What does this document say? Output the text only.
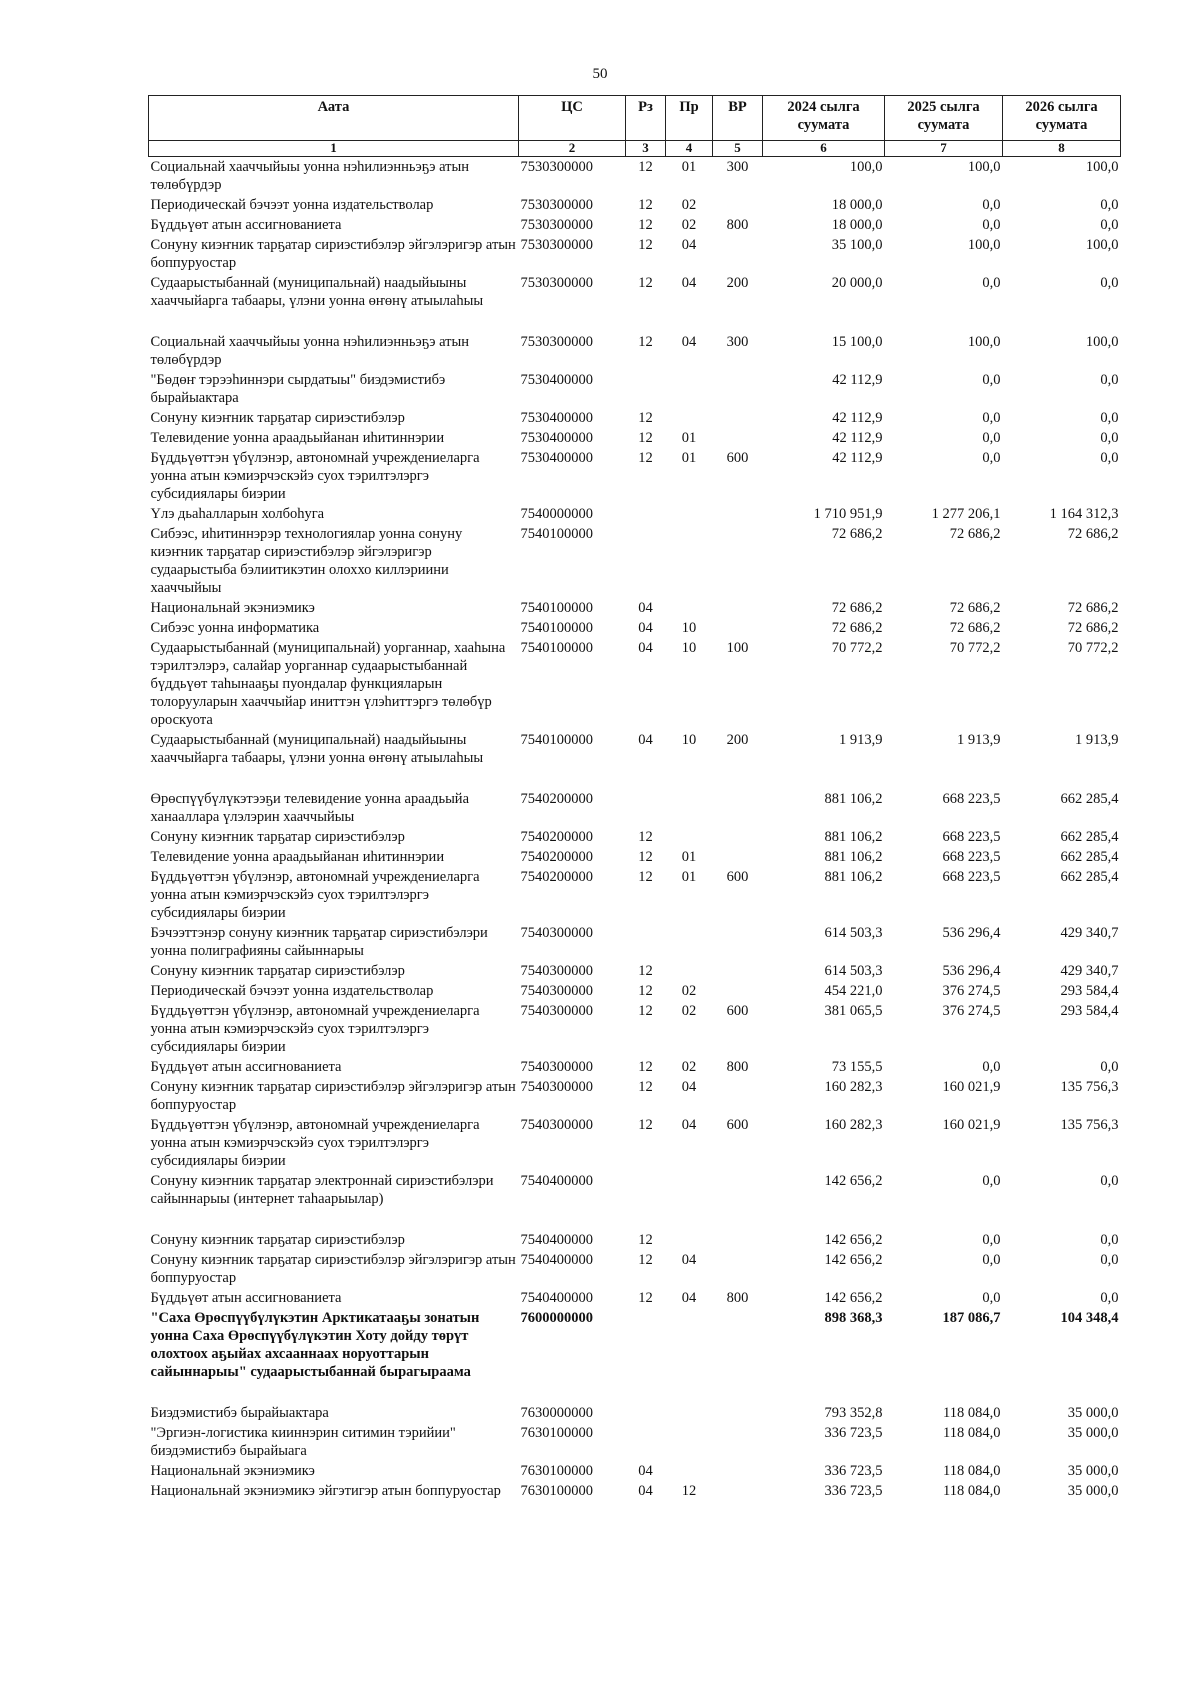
50
Аата	ЦС	Рз	Пр	ВР	2024 сылга суумата	2025 сылга суумата	2026 сылга суумата
1	2	3	4	5	6	7	8
Социальнай хааччыйыы уонна нэһилиэнньэҕэ атын төлөбүрдэр	7530300000	12	01	300	100,0	100,0	100,0
Периодическай бэчээт уонна издательстволар	7530300000	12	02		18 000,0	0,0	0,0
Бүддьүөт атын ассигнованиета	7530300000	12	02	800	18 000,0	0,0	0,0
Сонуну киэҥник тарҕатар сириэстибэлэр эйгэлэригэр атын боппуруостар	7530300000	12	04		35 100,0	100,0	100,0
Судаарыстыбаннай (муниципальнай) наадыйыыны хааччыйарга табаары, үлэни уонна өҥөнү атыылаһыы	7530300000	12	04	200	20 000,0	0,0	0,0
Социальнай хааччыйыы уонна нэһилиэнньэҕэ атын төлөбүрдэр	7530300000	12	04	300	15 100,0	100,0	100,0
"Бөдөҥ тэрээһиннэри сырдатыы" биэдэмистибэ бырайыактара	7530400000				42 112,9	0,0	0,0
Сонуну киэҥник тарҕатар сириэстибэлэр	7530400000	12			42 112,9	0,0	0,0
Телевидение уонна араадьыйанан иһитиннэрии	7530400000	12	01		42 112,9	0,0	0,0
Бүддьүөттэн үбүлэнэр, автономнай учреждениеларга уонна атын кэмиэрчэскэйэ суох тэрилтэлэргэ субсидиялары биэрии	7530400000	12	01	600	42 112,9	0,0	0,0
Үлэ дьаһалларын холбоһуга	7540000000				1 710 951,9	1 277 206,1	1 164 312,3
Сибээс, иһитиннэрэр технологиялар уонна сонуну киэҥник тарҕатар сириэстибэлэр эйгэлэригэр судаарыстыба бэлиитикэтин олоххо киллэриини хааччыйыы	7540100000				72 686,2	72 686,2	72 686,2
Национальнай экэниэмикэ	7540100000	04			72 686,2	72 686,2	72 686,2
Сибээс уонна информатика	7540100000	04	10		72 686,2	72 686,2	72 686,2
Судаарыстыбаннай (муниципальнай) уорганнар, хааһына тэрилтэлэрэ, салайар уорганнар судаарыстыбаннай бүддьүөт таһынааҕы пуондалар функцияларын толорууларын хааччыйар иниттэн үлэһиттэргэ төлөбүр ороскуота	7540100000	04	10	100	70 772,2	70 772,2	70 772,2
Судаарыстыбаннай (муниципальнай) наадыйыыны хааччыйарга табаары, үлэни уонна өҥөнү атыылаһыы	7540100000	04	10	200	1 913,9	1 913,9	1 913,9
Өрөспүүбүлүкэтээҕи телевидение уонна араадьыйа ханааллара үлэлэрин хааччыйыы	7540200000				881 106,2	668 223,5	662 285,4
Сонуну киэҥник тарҕатар сириэстибэлэр	7540200000	12			881 106,2	668 223,5	662 285,4
Телевидение уонна араадьыйанан иһитиннэрии	7540200000	12	01		881 106,2	668 223,5	662 285,4
Бүддьүөттэн үбүлэнэр, автономнай учреждениеларга уонна атын кэмиэрчэскэйэ суох тэрилтэлэргэ субсидиялары биэрии	7540200000	12	01	600	881 106,2	668 223,5	662 285,4
Бэчээттэнэр сонуну киэҥник тарҕатар сириэстибэлэри уонна полиграфияны сайыннарыы	7540300000				614 503,3	536 296,4	429 340,7
Сонуну киэҥник тарҕатар сириэстибэлэр	7540300000	12			614 503,3	536 296,4	429 340,7
Периодическай бэчээт уонна издательстволар	7540300000	12	02		454 221,0	376 274,5	293 584,4
Бүддьүөттэн үбүлэнэр, автономнай учреждениеларга уонна атын кэмиэрчэскэйэ суох тэрилтэлэргэ субсидиялары биэрии	7540300000	12	02	600	381 065,5	376 274,5	293 584,4
Бүддьүөт атын ассигнованиета	7540300000	12	02	800	73 155,5	0,0	0,0
Сонуну киэҥник тарҕатар сириэстибэлэр эйгэлэригэр атын боппуруостар	7540300000	12	04		160 282,3	160 021,9	135 756,3
Бүддьүөттэн үбүлэнэр, автономнай учреждениеларга уонна атын кэмиэрчэскэйэ суох тэрилтэлэргэ субсидиялары биэрии	7540300000	12	04	600	160 282,3	160 021,9	135 756,3
Сонуну киэҥник тарҕатар электроннай сириэстибэлэри сайыннарыы (интернет таһаарыылар)	7540400000				142 656,2	0,0	0,0
Сонуну киэҥник тарҕатар сириэстибэлэр	7540400000	12			142 656,2	0,0	0,0
Сонуну киэҥник тарҕатар сириэстибэлэр эйгэлэригэр атын боппуруостар	7540400000	12	04		142 656,2	0,0	0,0
Бүддьүөт атын ассигнованиета	7540400000	12	04	800	142 656,2	0,0	0,0
"Саха Өрөспүүбүлүкэтин Арктикатааҕы зонатын уонна Саха Өрөспүүбүлүкэтин Хоту дойду төрүт олохтоох аҕыйах ахсааннаах норуоттарын сайыннарыы" судаарыстыбаннай бырагыраама	7600000000				898 368,3	187 086,7	104 348,4
Биэдэмистибэ бырайыактара	7630000000				793 352,8	118 084,0	35 000,0
"Эргиэн-логистика кииннэрин ситимин тэрийии" биэдэмистибэ бырайыага	7630100000				336 723,5	118 084,0	35 000,0
Национальнай экэниэмикэ	7630100000	04			336 723,5	118 084,0	35 000,0
Национальнай экэниэмикэ эйгэтигэр атын боппуруостар	7630100000	04	12		336 723,5	118 084,0	35 000,0
